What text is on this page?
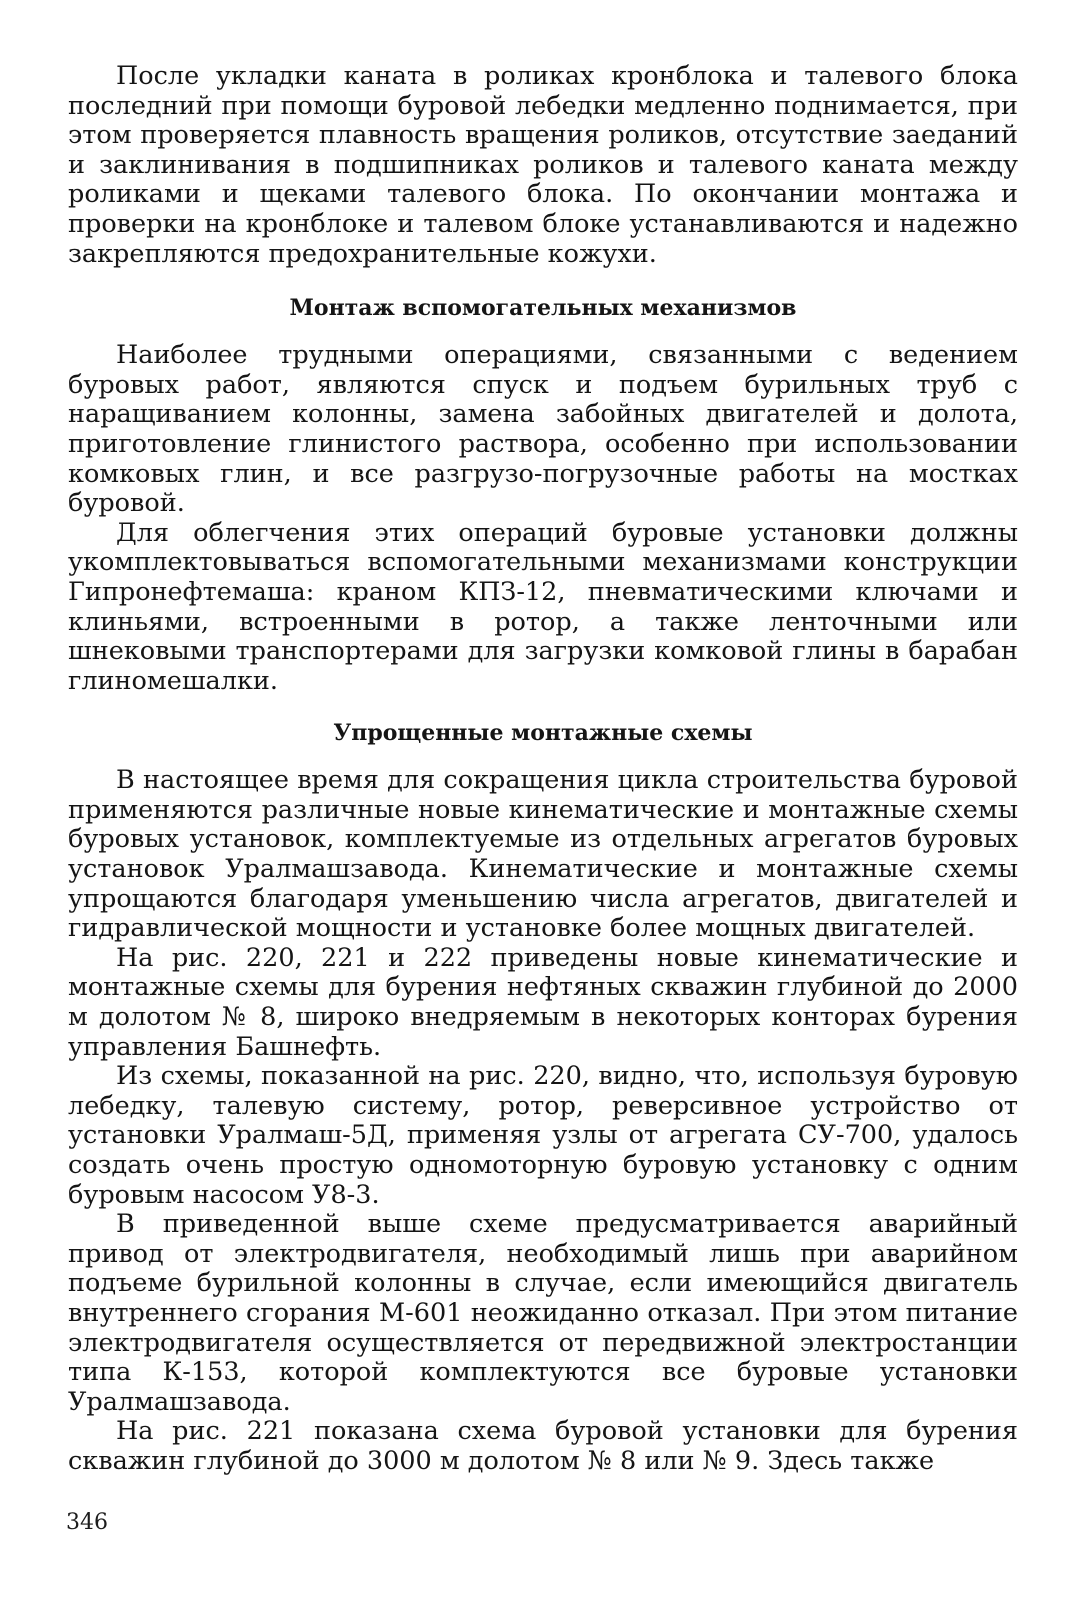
После укладки каната в роликах кронблока и талевого блока последний при помощи буровой лебедки медленно поднимается, при этом проверяется плавность вращения роликов, отсутствие заеданий и заклинивания в подшипниках роликов и талевого каната между роликами и щеками талевого блока. По окончании монтажа и проверки на кронблоке и талевом блоке устанавливаются и надежно закрепляются предохранительные кожухи.

Монтаж вспомогательных механизмов

Наиболее трудными операциями, связанными с ведением буровых работ, являются спуск и подъем бурильных труб с наращиванием колонны, замена забойных двигателей и долота, приготовление глинистого раствора, особенно при использовании комковых глин, и все разгрузо-погрузочные работы на мостках буровой.

Для облегчения этих операций буровые установки должны укомплектовываться вспомогательными механизмами конструкции Гипронефтемаша: краном КПЗ-12, пневматическими ключами и клиньями, встроенными в ротор, а также ленточными или шнековыми транспортерами для загрузки комковой глины в барабан глиномешалки.

Упрощенные монтажные схемы

В настоящее время для сокращения цикла строительства буровой применяются различные новые кинематические и монтажные схемы буровых установок, комплектуемые из отдельных агрегатов буровых установок Уралмашзавода. Кинематические и монтажные схемы упрощаются благодаря уменьшению числа агрегатов, двигателей и гидравлической мощности и установке более мощных двигателей.

На рис. 220, 221 и 222 приведены новые кинематические и монтажные схемы для бурения нефтяных скважин глубиной до 2000 м долотом № 8, широко внедряемым в некоторых конторах бурения управления Башнефть.

Из схемы, показанной на рис. 220, видно, что, используя буровую лебедку, талевую систему, ротор, реверсивное устройство от установки Уралмаш-5Д, применяя узлы от агрегата СУ-700, удалось создать очень простую одномоторную буровую установку с одним буровым насосом У8-3.

В приведенной выше схеме предусматривается аварийный привод от электродвигателя, необходимый лишь при аварийном подъеме бурильной колонны в случае, если имеющийся двигатель внутреннего сгорания М-601 неожиданно отказал. При этом питание электродвигателя осуществляется от передвижной электростанции типа К-153, которой комплектуются все буровые установки Уралмашзавода.

На рис. 221 показана схема буровой установки для бурения скважин глубиной до 3000 м долотом № 8 или № 9. Здесь также

346
